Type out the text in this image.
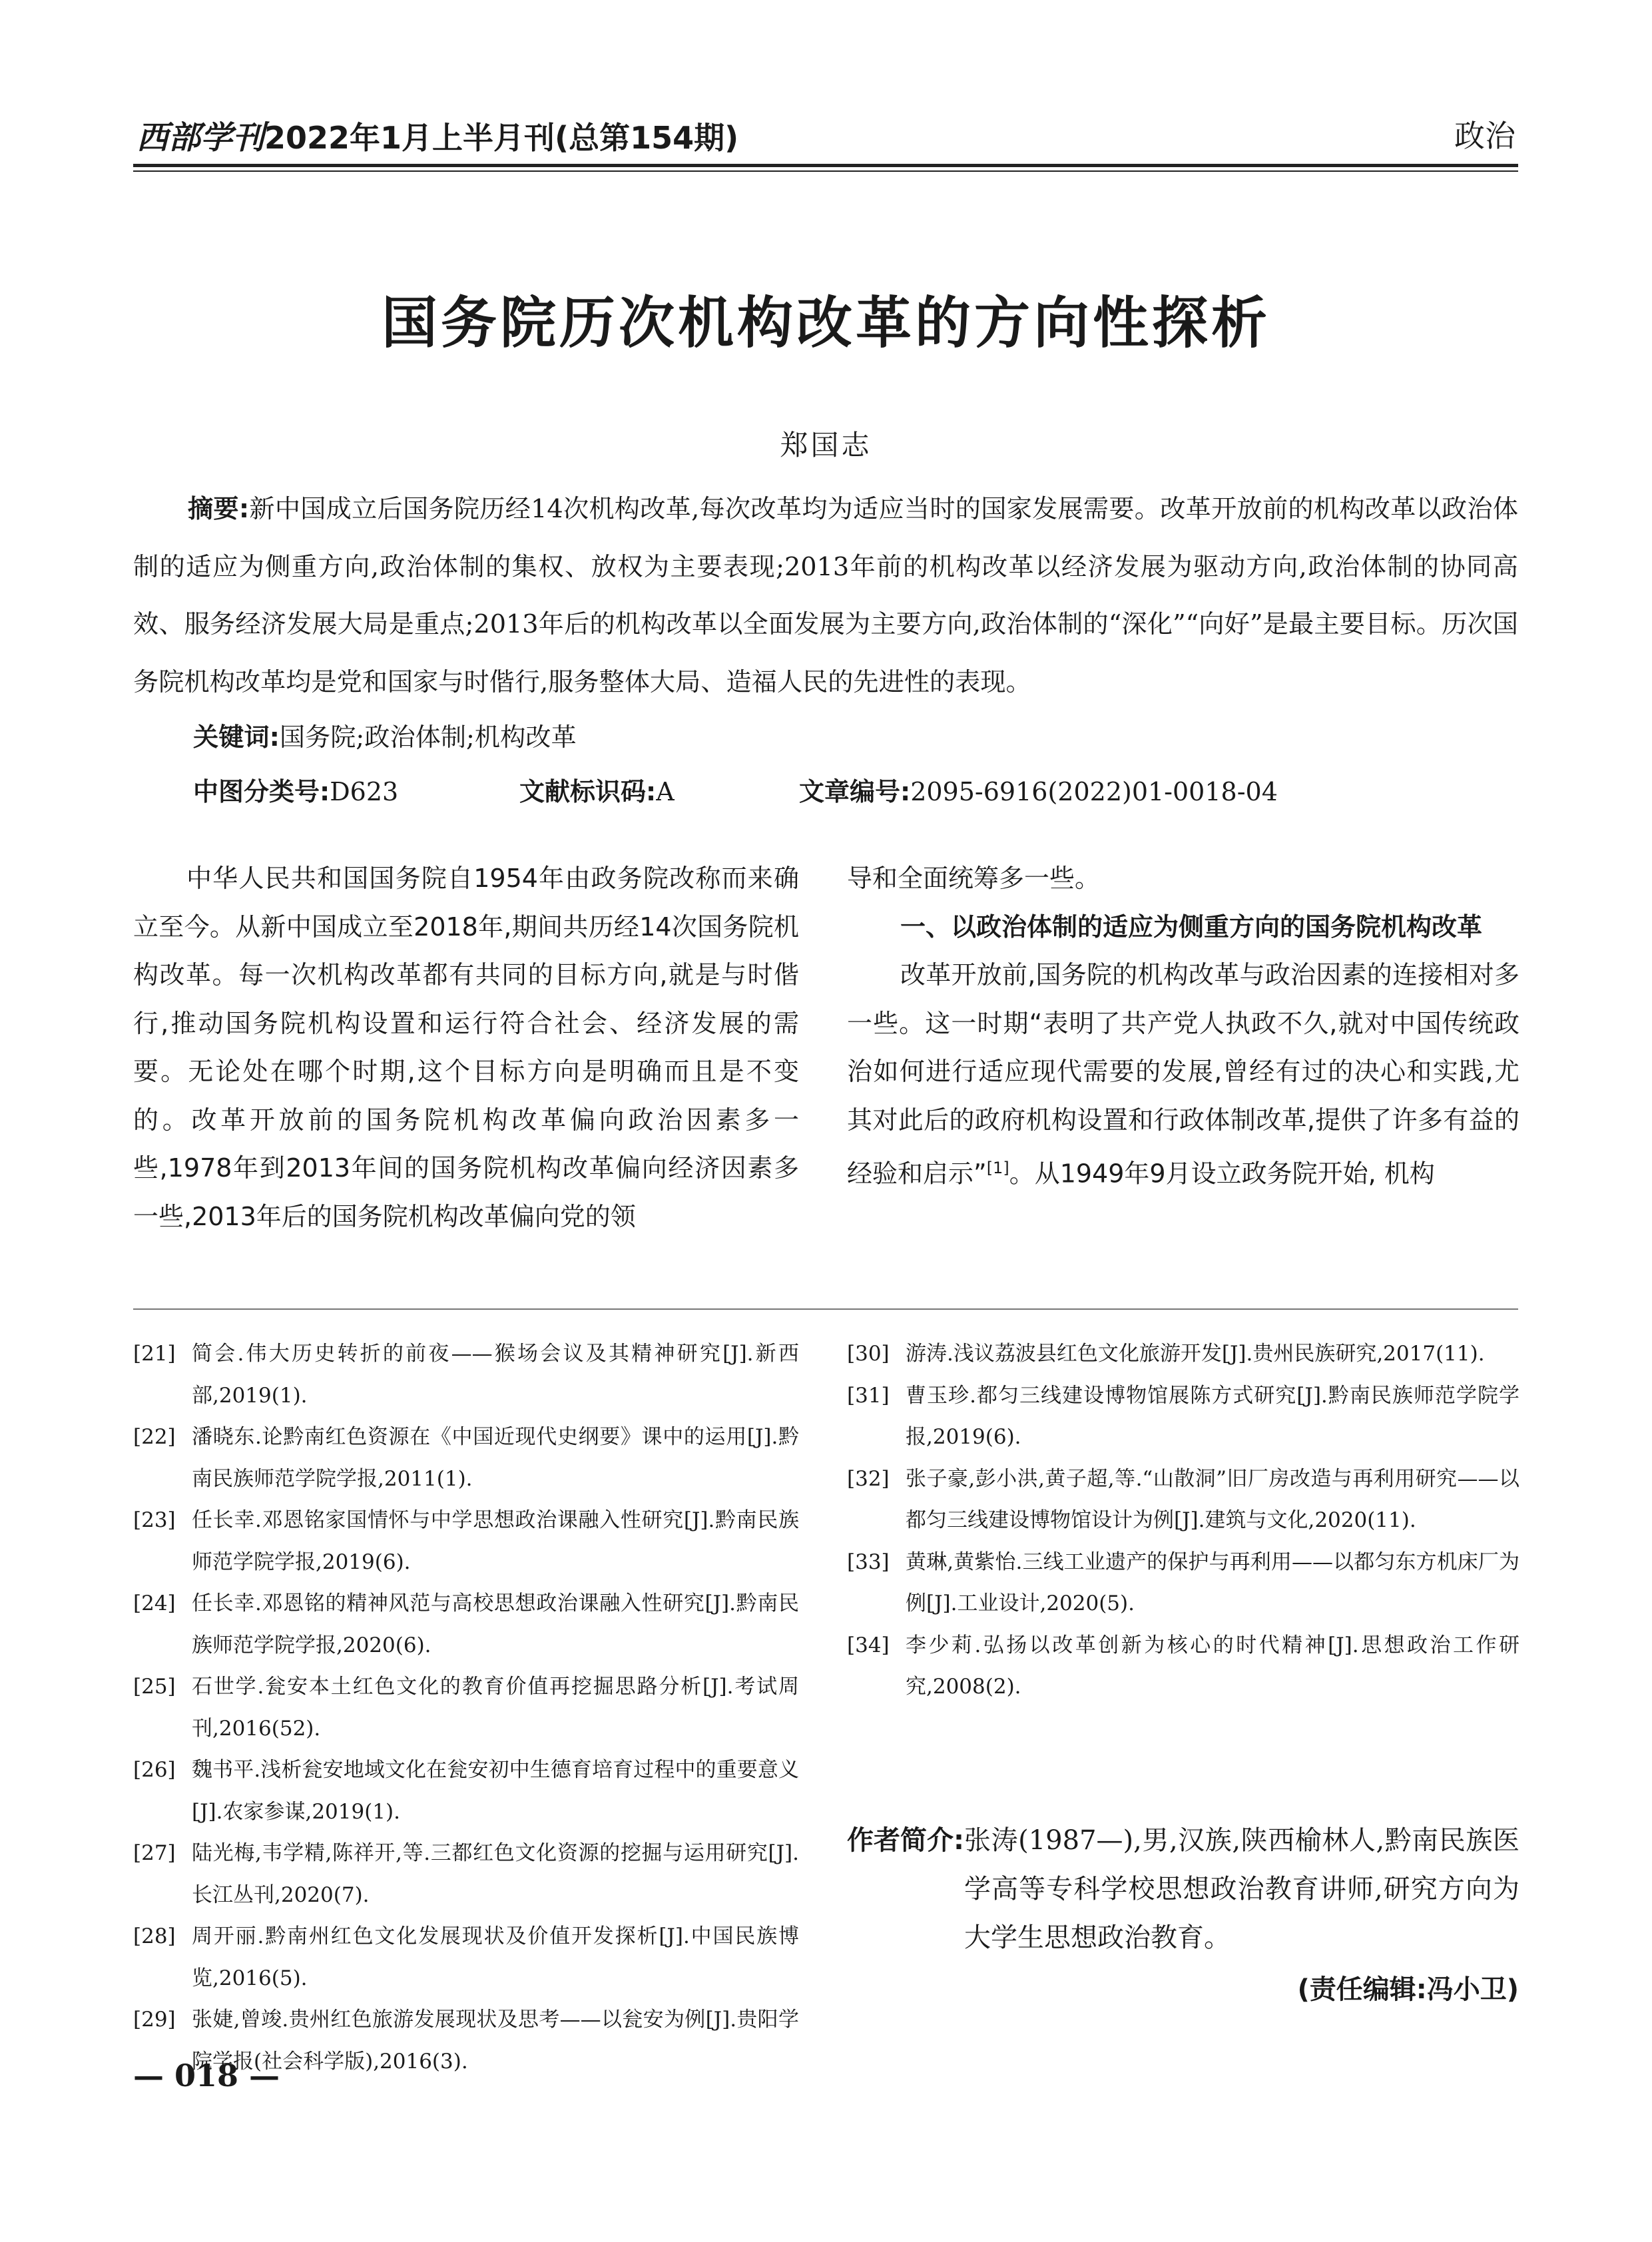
西部学刊2022年1月上半月刊(总第154期)	政治
国务院历次机构改革的方向性探析
郑国志
摘要:新中国成立后国务院历经14次机构改革,每次改革均为适应当时的国家发展需要。改革开放前的机构改革以政治体制的适应为侧重方向,政治体制的集权、放权为主要表现;2013年前的机构改革以经济发展为驱动方向,政治体制的协同高效、服务经济发展大局是重点;2013年后的机构改革以全面发展为主要方向,政治体制的“深化”“向好”是最主要目标。历次国务院机构改革均是党和国家与时偕行,服务整体大局、造福人民的先进性的表现。
关键词:国务院;政治体制;机构改革
中图分类号:D623	文献标识码:A	文章编号:2095-6916(2022)01-0018-04
中华人民共和国国务院自1954年由政务院改称而来确立至今。从新中国成立至2018年,期间共历经14次国务院机构改革。每一次机构改革都有共同的目标方向,就是与时偕行,推动国务院机构设置和运行符合社会、经济发展的需要。无论处在哪个时期,这个目标方向是明确而且是不变的。改革开放前的国务院机构改革偏向政治因素多一些,1978年到2013年间的国务院机构改革偏向经济因素多一些,2013年后的国务院机构改革偏向党的领

导和全面统筹多一些。

一、以政治体制的适应为侧重方向的国务院机构改革

改革开放前,国务院的机构改革与政治因素的连接相对多一些。这一时期“表明了共产党人执政不久,就对中国传统政治如何进行适应现代需要的发展,曾经有过的决心和实践,尤其对此后的政府机构设置和行政体制改革,提供了许多有益的经验和启示”[1]。从1949年9月设立政务院开始, 机构

[21] 简会.伟大历史转折的前夜——猴场会议及其精神研究[J].新西部,2019(1).
[22] 潘晓东.论黔南红色资源在《中国近现代史纲要》课中的运用[J].黔南民族师范学院学报,2011(1).
[23] 任长幸.邓恩铭家国情怀与中学思想政治课融入性研究[J].黔南民族师范学院学报,2019(6).
[24] 任长幸.邓恩铭的精神风范与高校思想政治课融入性研究[J].黔南民族师范学院学报,2020(6).
[25] 石世学.瓮安本土红色文化的教育价值再挖掘思路分析[J].考试周刊,2016(52).
[26] 魏书平.浅析瓮安地域文化在瓮安初中生德育培育过程中的重要意义[J].农家参谋,2019(1).
[27] 陆光梅,韦学精,陈祥开,等.三都红色文化资源的挖掘与运用研究[J].长江丛刊,2020(7).
[28] 周开丽.黔南州红色文化发展现状及价值开发探析[J].中国民族博览,2016(5).
[29] 张婕,曾竣.贵州红色旅游发展现状及思考——以瓮安为例[J].贵阳学院学报(社会科学版),2016(3).
[30] 游涛.浅议荔波县红色文化旅游开发[J].贵州民族研究,2017(11).
[31] 曹玉珍.都匀三线建设博物馆展陈方式研究[J].黔南民族师范学院学报,2019(6).
[32] 张子豪,彭小洪,黄子超,等.“山散洞”旧厂房改造与再利用研究——以都匀三线建设博物馆设计为例[J].建筑与文化,2020(11).
[33] 黄琳,黄紫怡.三线工业遗产的保护与再利用——以都匀东方机床厂为例[J].工业设计,2020(5).
[34] 李少莉.弘扬以改革创新为核心的时代精神[J].思想政治工作研究,2008(2).
作者简介: 张涛(1987—),男,汉族,陕西榆林人,黔南民族医学高等专科学校思想政治教育讲师,研究方向为大学生思想政治教育。
(责任编辑:冯小卫)
— 018 —
